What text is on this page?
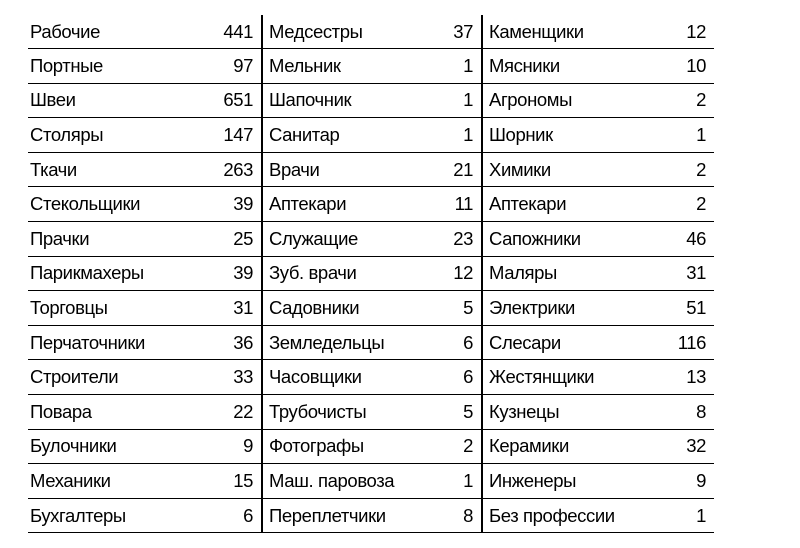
Рабочие	441	Медсестры	37	Каменщики	12
Портные	97	Мельник	1	Мясники	10
Швеи	651	Шапочник	1	Агрономы	2
Столяры	147	Санитар	1	Шорник	1
Ткачи	263	Врачи	21	Химики	2
Стекольщики	39	Аптекари	11	Аптекари	2
Прачки	25	Служащие	23	Сапожники	46
Парикмахеры	39	Зуб. врачи	12	Маляры	31
Торговцы	31	Садовники	5	Электрики	51
Перчаточники	36	Земледельцы	6	Слесари	116
Строители	33	Часовщики	6	Жестянщики	13
Повара	22	Трубочисты	5	Кузнецы	8
Булочники	9	Фотографы	2	Керамики	32
Механики	15	Маш. паровоза	1	Инженеры	9
Бухгалтеры	6	Переплетчики	8	Без профессии	1
